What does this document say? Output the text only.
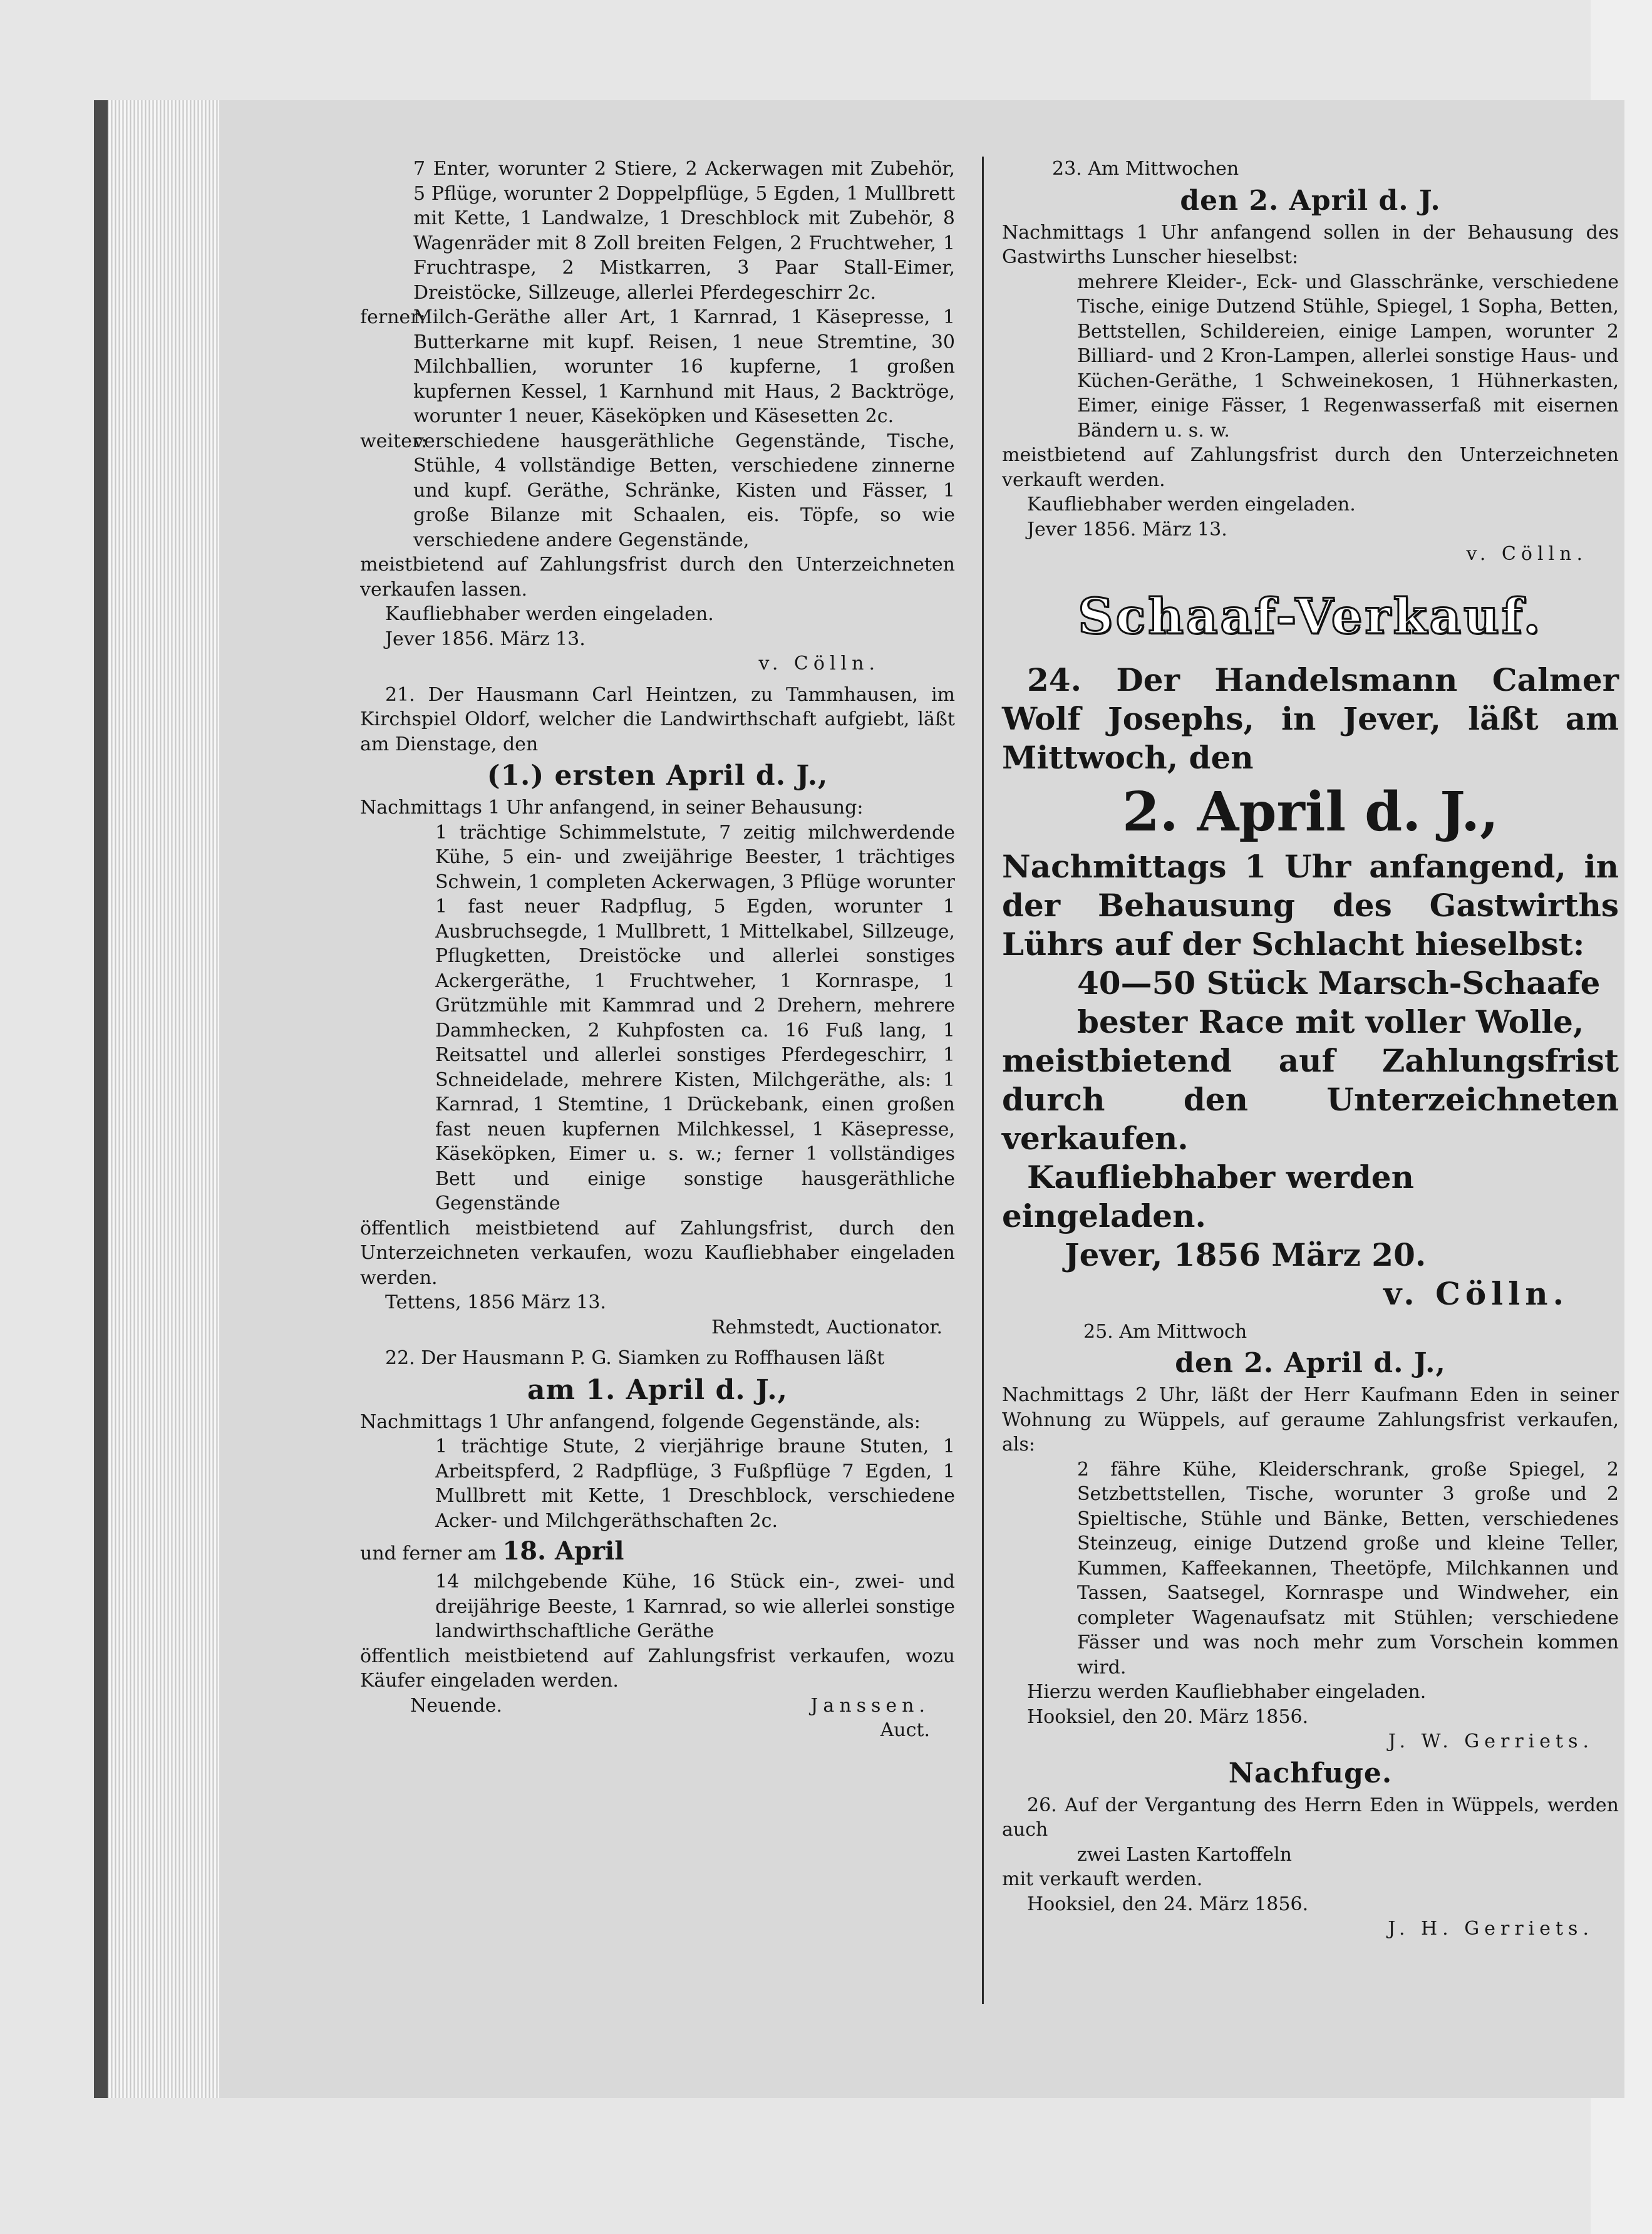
7 Enter, worunter 2 Stiere, 2 Ackerwagen mit Zubehör, 5 Pflüge, worunter 2 Doppelpflüge, 5 Egden, 1 Mullbrett mit Kette, 1 Landwalze, 1 Dreschblock mit Zubehör, 8 Wagenräder mit 8 Zoll breiten Felgen, 2 Fruchtweher, 1 Fruchtraspe, 2 Mistkarren, 3 Paar Stall-Eimer, Dreistöcke, Sillzeuge, allerlei Pferdegeschirr 2c.

ferner:
Milch-Geräthe aller Art, 1 Karnrad, 1 Käsepresse, 1 Butterkarne mit kupf. Reisen, 1 neue Stremtine, 30 Milchballien, worunter 16 kupferne, 1 großen kupfernen Kessel, 1 Karnhund mit Haus, 2 Backtröge, worunter 1 neuer, Käseköpken und Käsesetten 2c.
weiter:
verschiedene hausgeräthliche Gegenstände, Tische, Stühle, 4 vollständige Betten, verschiedene zinnerne und kupf. Geräthe, Schränke, Kisten und Fässer, 1 große Bilanze mit Schaalen, eis. Töpfe, so wie verschiedene andere Gegenstände,

meistbietend auf Zahlungsfrist durch den Unterzeichneten verkaufen lassen.

Kaufliebhaber werden eingeladen.

Jever 1856. März 13.

v. Cölln.

21. Der Hausmann Carl Heintzen, zu Tammhausen, im Kirchspiel Oldorf, welcher die Landwirthschaft aufgiebt, läßt am Dienstage, den

(1.) ersten April d. J.,

Nachmittags 1 Uhr anfangend, in seiner Behausung:

1 trächtige Schimmelstute, 7 zeitig milchwerdende Kühe, 5 ein- und zweijährige Beester, 1 trächtiges Schwein, 1 completen Ackerwagen, 3 Pflüge worunter 1 fast neuer Radpflug, 5 Egden, worunter 1 Ausbruchsegde, 1 Mullbrett, 1 Mittelkabel, Sillzeuge, Pflugketten, Dreistöcke und allerlei sonstiges Ackergeräthe, 1 Fruchtweher, 1 Kornraspe, 1 Grützmühle mit Kammrad und 2 Drehern, mehrere Dammhecken, 2 Kuhpfosten ca. 16 Fuß lang, 1 Reitsattel und allerlei sonstiges Pferdegeschirr, 1 Schneidelade, mehrere Kisten, Milchgeräthe, als: 1 Karnrad, 1 Stemtine, 1 Drückebank, einen großen fast neuen kupfernen Milchkessel, 1 Käsepresse, Käseköpken, Eimer u. s. w.; ferner 1 vollständiges Bett und einige sonstige hausgeräthliche Gegenstände

öffentlich meistbietend auf Zahlungsfrist, durch den Unterzeichneten verkaufen, wozu Kaufliebhaber eingeladen werden.

Tettens, 1856 März 13.

Rehmstedt, Auctionator.

22. Der Hausmann P. G. Siamken zu Roffhausen läßt

am 1. April d. J.,

Nachmittags 1 Uhr anfangend, folgende Gegenstände, als:

1 trächtige Stute, 2 vierjährige braune Stuten, 1 Arbeitspferd, 2 Radpflüge, 3 Fußpflüge 7 Egden, 1 Mullbrett mit Kette, 1 Dreschblock, verschiedene Acker- und Milchgeräthschaften 2c.

und ferner am 18. April

14 milchgebende Kühe, 16 Stück ein-, zwei- und dreijährige Beeste, 1 Karnrad, so wie allerlei sonstige landwirthschaftliche Geräthe

öffentlich meistbietend auf Zahlungsfrist verkaufen, wozu Käufer eingeladen werden.

Neuende.	Janssen.

Auct.

23. Am Mittwochen

den 2. April d. J.

Nachmittags 1 Uhr anfangend sollen in der Behausung des Gastwirths Lunscher hieselbst:

mehrere Kleider-, Eck- und Glasschränke, verschiedene Tische, einige Dutzend Stühle, Spiegel, 1 Sopha, Betten, Bettstellen, Schildereien, einige Lampen, worunter 2 Billiard- und 2 Kron-Lampen, allerlei sonstige Haus- und Küchen-Geräthe, 1 Schweinekosen, 1 Hühnerkasten, Eimer, einige Fässer, 1 Regenwasserfaß mit eisernen Bändern u. s. w.

meistbietend auf Zahlungsfrist durch den Unterzeichneten verkauft werden.

Kaufliebhaber werden eingeladen.

Jever 1856. März 13.

v. Cölln.

Schaaf-Verkauf.

24. Der Handelsmann Calmer Wolf Josephs, in Jever, läßt am Mittwoch, den

2. April d. J.,

Nachmittags 1 Uhr anfangend, in der Behausung des Gastwirths Lührs auf der Schlacht hieselbst:

40—50 Stück Marsch-Schaafe bester Race mit voller Wolle,

meistbietend auf Zahlungsfrist durch den Unterzeichneten verkaufen.

Kaufliebhaber werden eingeladen.

Jever, 1856 März 20.

v. Cölln.

25. Am Mittwoch

den 2. April d. J.,

Nachmittags 2 Uhr, läßt der Herr Kaufmann Eden in seiner Wohnung zu Wüppels, auf geraume Zahlungsfrist verkaufen, als:

2 fähre Kühe, Kleiderschrank, große Spiegel, 2 Setzbettstellen, Tische, worunter 3 große und 2 Spieltische, Stühle und Bänke, Betten, verschiedenes Steinzeug, einige Dutzend große und kleine Teller, Kummen, Kaffeekannen, Theetöpfe, Milchkannen und Tassen, Saatsegel, Kornraspe und Windweher, ein completer Wagenaufsatz mit Stühlen; verschiedene Fässer und was noch mehr zum Vorschein kommen wird.

Hierzu werden Kaufliebhaber eingeladen.

Hooksiel, den 20. März 1856.

J. W. Gerriets.

Nachfuge.

26. Auf der Vergantung des Herrn Eden in Wüppels, werden auch

zwei Lasten Kartoffeln

mit verkauft werden.

Hooksiel, den 24. März 1856.

J. H. Gerriets.
